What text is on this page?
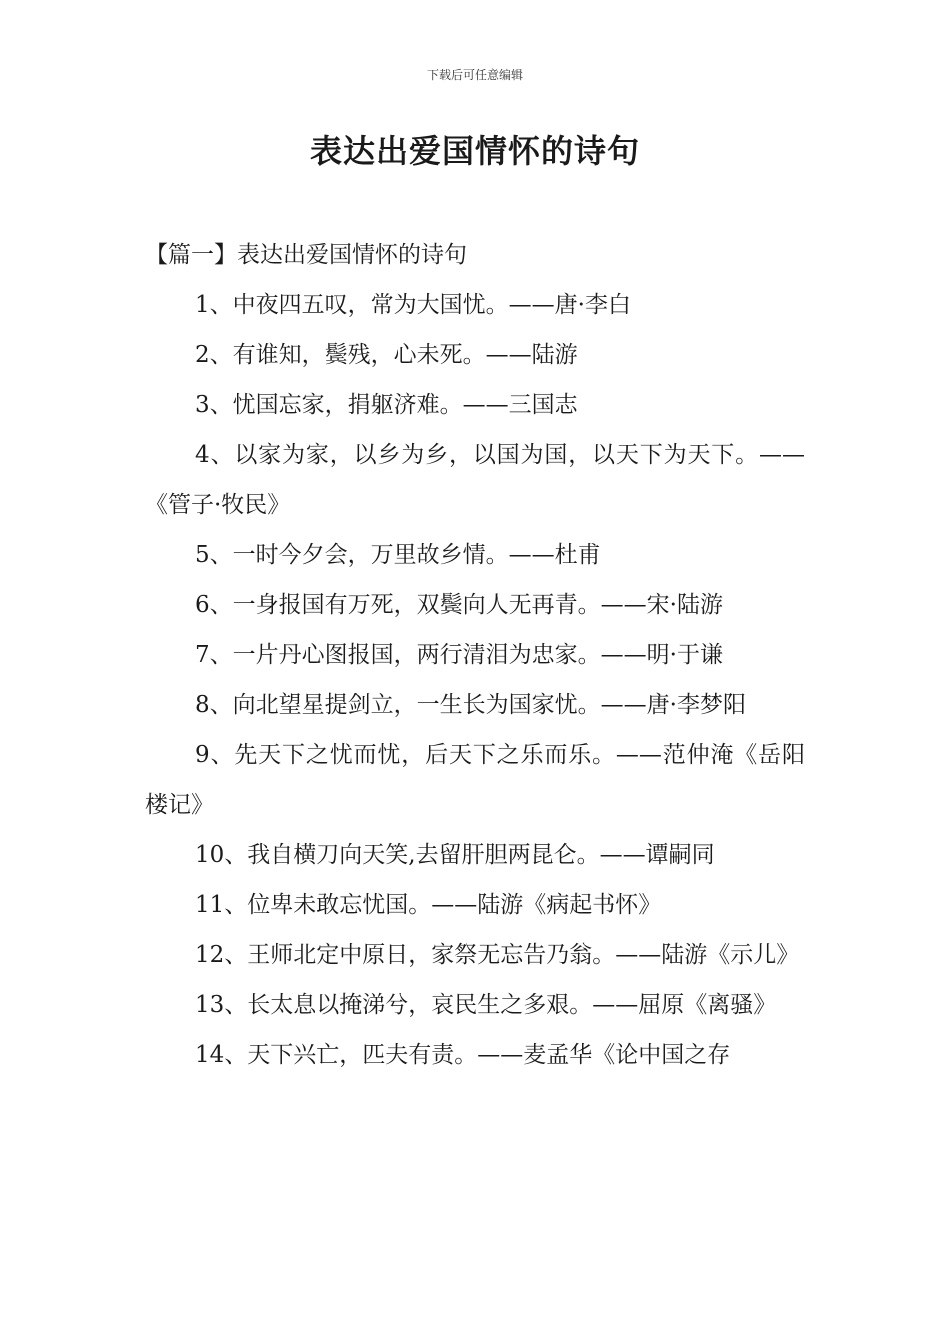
下载后可任意编辑
表达出爱国情怀的诗句

【篇一】表达出爱国情怀的诗句

1、中夜四五叹，常为大国忧。——唐·李白
2、有谁知，鬓残，心未死。——陆游
3、忧国忘家，捐躯济难。——三国志
4、以家为家，以乡为乡，以国为国，以天下为天下。——《管子·牧民》
5、一时今夕会，万里故乡情。——杜甫
6、一身报国有万死，双鬓向人无再青。——宋·陆游
7、一片丹心图报国，两行清泪为忠家。——明·于谦
8、向北望星提剑立，一生长为国家忧。——唐·李梦阳
9、先天下之忧而忧，后天下之乐而乐。——范仲淹《岳阳楼记》
10、我自横刀向天笑,去留肝胆两昆仑。——谭嗣同
11、位卑未敢忘忧国。——陆游《病起书怀》
12、王师北定中原日，家祭无忘告乃翁。——陆游《示儿》
13、长太息以掩涕兮，哀民生之多艰。——屈原《离骚》
14、天下兴亡，匹夫有责。——麦孟华《论中国之存
